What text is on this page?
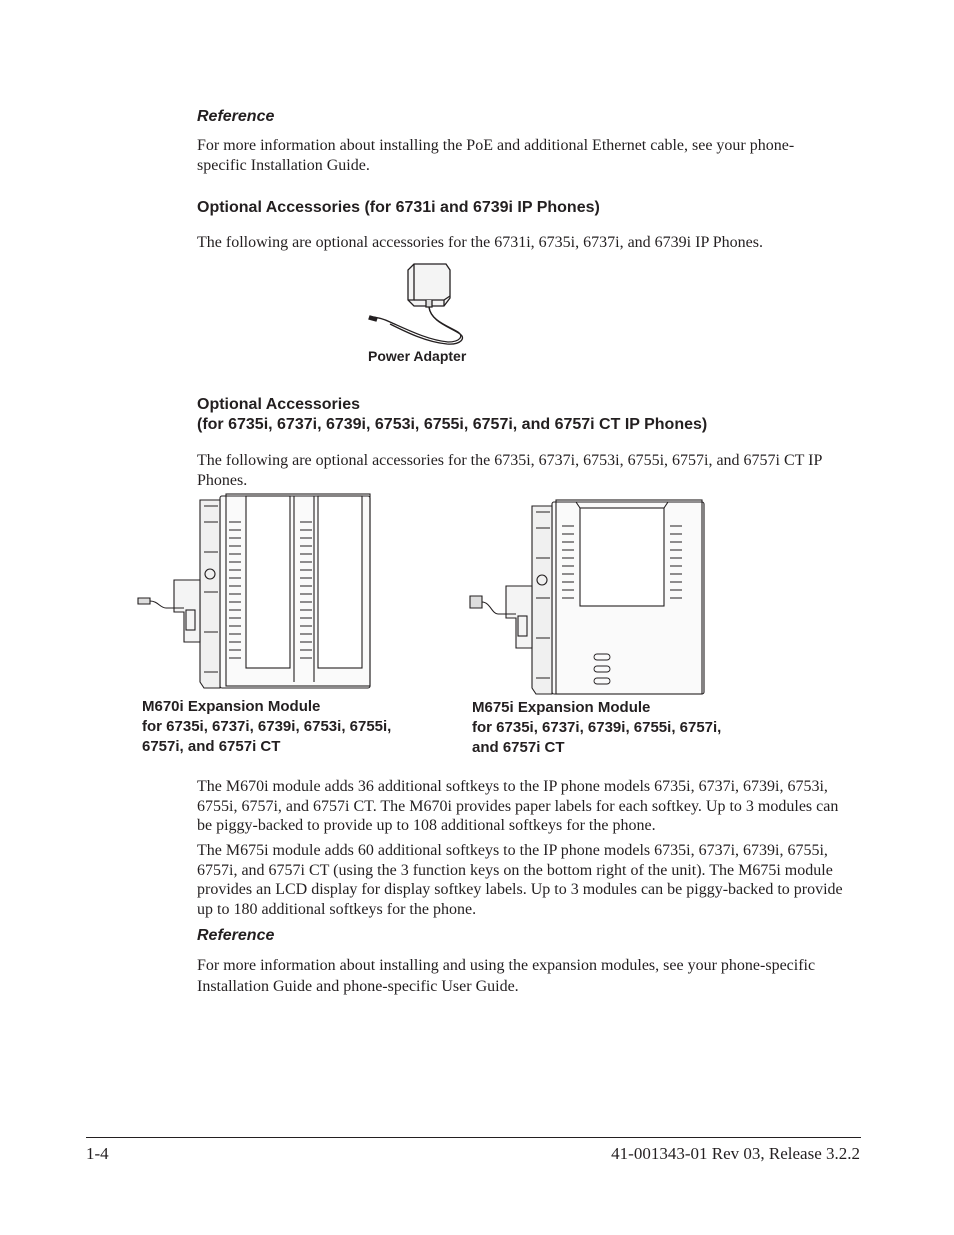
Reference
For more information about installing the PoE and additional Ethernet cable, see your phone-specific Installation Guide.
Optional Accessories (for 6731i and 6739i IP Phones)
The following are optional accessories for the 6731i, 6735i, 6737i, and 6739i IP Phones.
Power Adapter
Optional Accessories
(for 6735i, 6737i, 6739i, 6753i, 6755i, 6757i, and 6757i CT IP Phones)
The following are optional accessories for the 6735i, 6737i, 6753i, 6755i, 6757i, and 6757i CT IP Phones.
M670i Expansion Module
for 6735i, 6737i, 6739i, 6753i, 6755i,
6757i, and 6757i CT
M675i Expansion Module
for 6735i, 6737i, 6739i, 6755i, 6757i,
and 6757i CT
The M670i module adds 36 additional softkeys to the IP phone models 6735i, 6737i, 6739i, 6753i, 6755i, 6757i, and 6757i CT. The M670i provides paper labels for each softkey. Up to 3 modules can be piggy-backed to provide up to 108 additional softkeys for the phone.
The M675i module adds 60 additional softkeys to the IP phone models 6735i, 6737i, 6739i, 6755i, 6757i, and 6757i CT (using the 3 function keys on the bottom right of the unit). The M675i module provides an LCD display for display softkey labels. Up to 3 modules can be piggy-backed to provide up to 180 additional softkeys for the phone.
Reference
For more information about installing and using the expansion modules, see your phone-specific Installation Guide and phone-specific User Guide.
1-4	41-001343-01 Rev 03, Release 3.2.2
